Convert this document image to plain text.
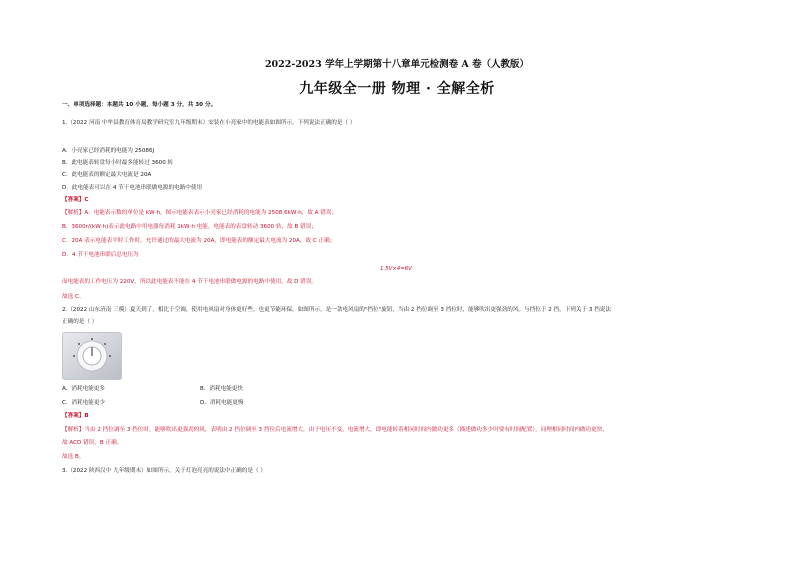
2022-2023 学年上学期第十八章单元检测卷 A 卷（人教版）
九年级全一册 物理 · 全解全析
一、单项选择题：本题共 10 小题，每小题 3 分，共 30 分。
1.（2022 河南 中牟县教育体育局教学研究室九年级期末）安装在小亮家中的电能表如图所示，下列说法正确的是（ ）
A．小亮家已经消耗的电能为 25086J
B．此电能表转盘每小时最多能转过 3600 转
C．此电能表的额定最大电流是 20A
D．此电能表可以在 4 节干电池串联做电源的电路中使用
【答案】C
【解析】A．电能表示数的单位是 kW·h，图示电能表表示小亮家已经消耗的电能为 2508.6kW·h，故 A 错误；
B．3600r/(kW·h)表示此电路中用电器每消耗 1kW·h 电能，电能表的表盘转动 3600 转，故 B 错误；
C．20A 表示电能表平时工作时，允许通过的最大电流为 20A，即电能表的额定最大电流为 20A，故 C 正确；
D．4 节干电池串联后总电压为
1.5V×4=6V
而电能表的工作电压为 220V，所以此电能表不能在 4 节干电池串联做电源的电路中使用，故 D 错误。
故选 C。
2.（2022 山东济南 三模）夏天到了，相比于空调，使用电风扇对身体更好些，也更节能环保。如图所示，是一款电风扇的"挡位"旋钮，当由 2 挡位调至 3 挡位时，能够吹出更强劲的风。与挡位于 2 挡，下列关于 3 挡说法
正确的是（ ）
A．消耗电能更多	B．消耗电能更快
C．消耗电能更少	D．消耗电能更慢
【答案】B
【解析】当由 2 挡位调至 3 挡位时，能够吹出更强劲的风，表明由 2 挡位调至 3 挡位后电流增大，由于电压不变，电流增大，即电能转着相同时间内做功更多（描述做功多少时要有时间配置），同理相同时间内做功更快，
故 ACD 错误，B 正确。
故选 B。
3.（2022 陕西汉中 九年级期末）如图所示，关于灯泡亮亮的说法中正确的是（ ）
